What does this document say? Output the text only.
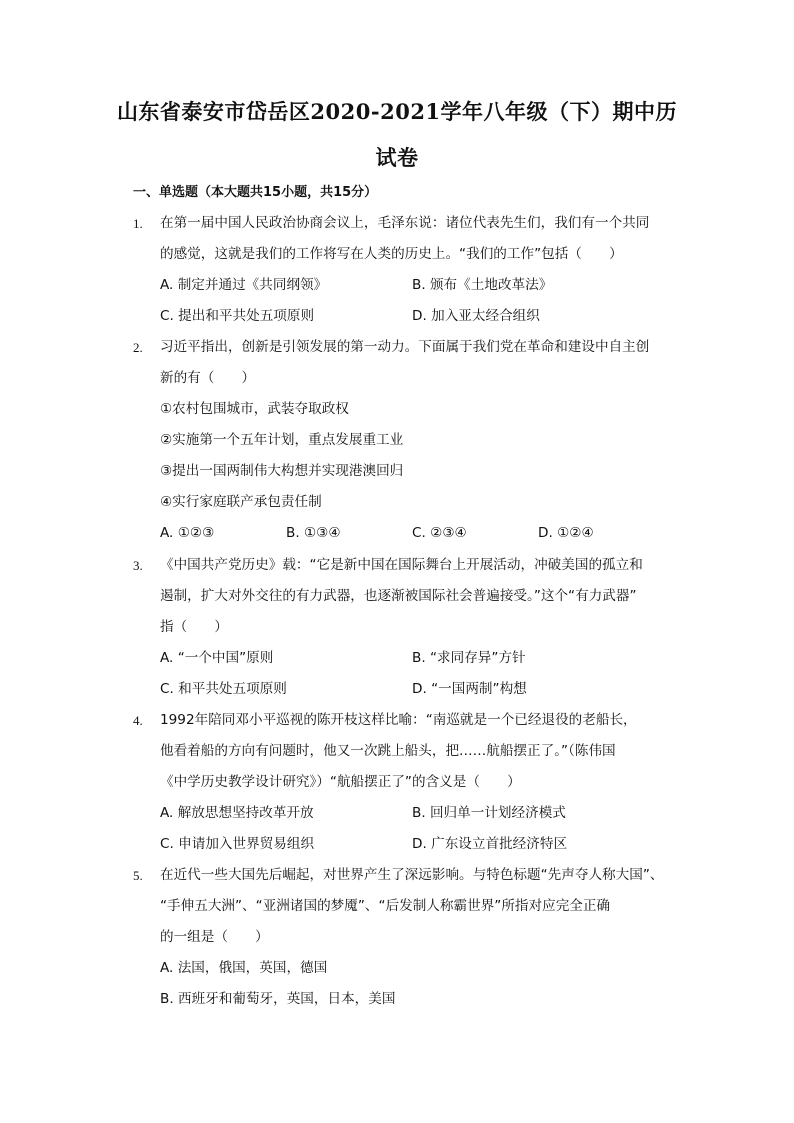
山东省泰安市岱岳区2020-2021学年八年级（下）期中历
试卷
一、单选题（本大题共15小题，共15分）
1. 在第一届中国人民政治协商会议上，毛泽东说：诸位代表先生们，我们有一个共同
的感觉，这就是我们的工作将写在人类的历史上。“我们的工作”包括（　　）
A. 制定并通过《共同纲领》	B. 颁布《土地改革法》
C. 提出和平共处五项原则	D. 加入亚太经合组织
2. 习近平指出，创新是引领发展的第一动力。下面属于我们党在革命和建设中自主创
新的有（　　）
①农村包围城市，武装夺取政权
②实施第一个五年计划，重点发展重工业
③提出一国两制伟大构想并实现港澳回归
④实行家庭联产承包责任制
A. ①②③	B. ①③④	C. ②③④	D. ①②④
3. 《中国共产党历史》载：“它是新中国在国际舞台上开展活动，冲破美国的孤立和
遏制，扩大对外交往的有力武器，也逐渐被国际社会普遍接受。”这个“有力武器”
指（　　）
A. “一个中国”原则	B. “求同存异”方针
C. 和平共处五项原则	D. “一国两制”构想
4. 1992年陪同邓小平巡视的陈开枝这样比喻：“南巡就是一个已经退役的老船长，
他看着船的方向有问题时，他又一次跳上船头，把……航船摆正了。”（陈伟国
《中学历史教学设计研究》）“航船摆正了”的含义是（　　）
A. 解放思想坚持改革开放	B. 回归单一计划经济模式
C. 申请加入世界贸易组织	D. 广东设立首批经济特区
5. 在近代一些大国先后崛起，对世界产生了深远影响。与特色标题“先声夺人称大国”、
“手伸五大洲”、“亚洲诸国的梦魇”、“后发制人称霸世界”所指对应完全正确
的一组是（　　）
A. 法国，俄国，英国，德国
B. 西班牙和葡萄牙，英国，日本，美国
